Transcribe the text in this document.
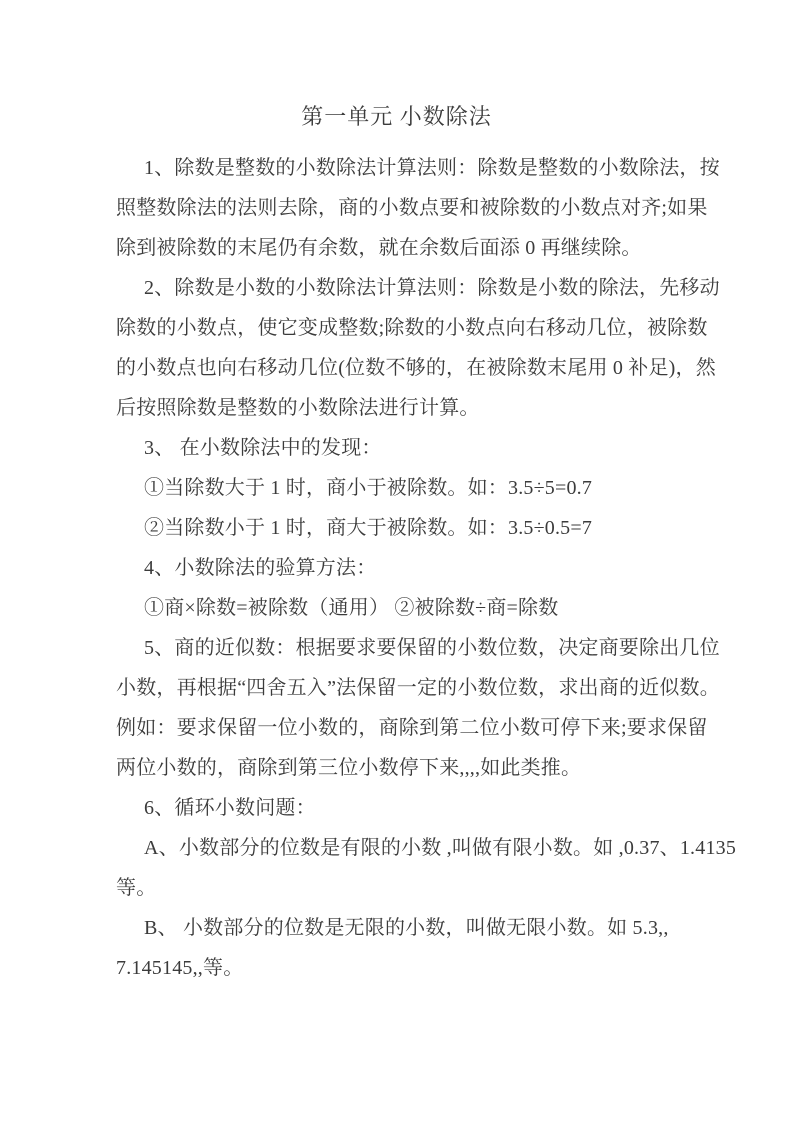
第一单元 小数除法
1、除数是整数的小数除法计算法则：除数是整数的小数除法，按
照整数除法的法则去除，商的小数点要和被除数的小数点对齐;如果
除到被除数的末尾仍有余数，就在余数后面添 0 再继续除。
2、除数是小数的小数除法计算法则：除数是小数的除法，先移动
除数的小数点，使它变成整数;除数的小数点向右移动几位，被除数
的小数点也向右移动几位(位数不够的，在被除数末尾用 0 补足)，然
后按照除数是整数的小数除法进行计算。
3、 在小数除法中的发现：
①当除数大于 1 时，商小于被除数。如：3.5÷5=0.7
②当除数小于 1 时，商大于被除数。如：3.5÷0.5=7
4、小数除法的验算方法：
①商×除数=被除数（通用） ②被除数÷商=除数
5、商的近似数：根据要求要保留的小数位数，决定商要除出几位
小数，再根据“四舍五入”法保留一定的小数位数，求出商的近似数。
例如：要求保留一位小数的，商除到第二位小数可停下来;要求保留
两位小数的，商除到第三位小数停下来,,,,如此类推。
6、循环小数问题：
A、小数部分的位数是有限的小数 ,叫做有限小数。如 ,0.37、1.4135
等。
B、 小数部分的位数是无限的小数，叫做无限小数。如 5.3,,
7.145145,,等。
